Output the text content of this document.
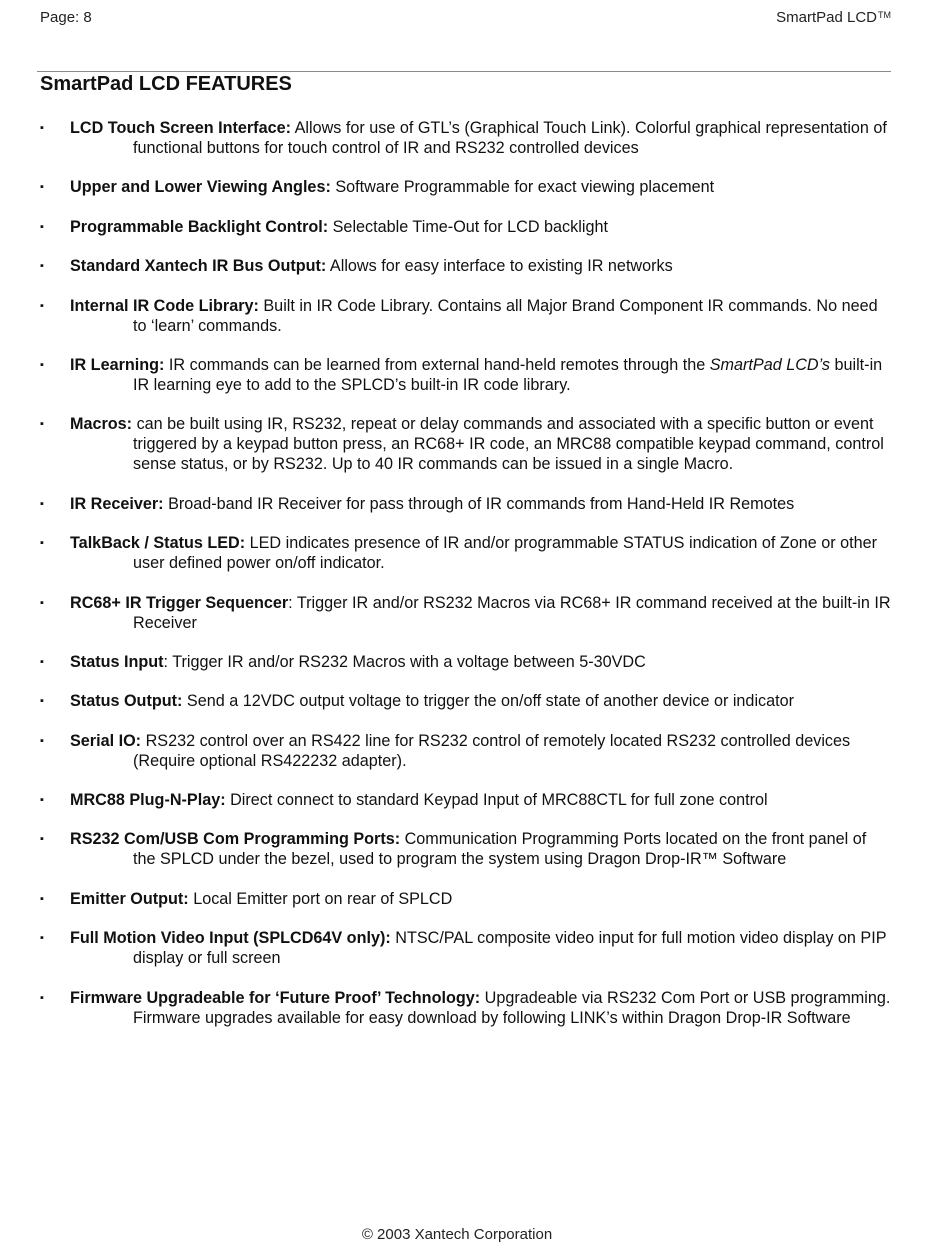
Page: 8	SmartPad LCD™
SmartPad LCD FEATURES
▪ LCD Touch Screen Interface: Allows for use of GTL’s (Graphical Touch Link). Colorful graphical representation of functional buttons for touch control of IR and RS232 controlled devices
▪ Upper and Lower Viewing Angles: Software Programmable for exact viewing placement
▪ Programmable Backlight Control: Selectable Time-Out for LCD backlight
▪ Standard Xantech IR Bus Output: Allows for easy interface to existing IR networks
▪ Internal IR Code Library: Built in IR Code Library. Contains all Major Brand Component IR commands. No need to ‘learn’ commands.
▪ IR Learning: IR commands can be learned from external hand-held remotes through the SmartPad LCD’s built-in IR learning eye to add to the SPLCD’s built-in IR code library.
▪ Macros: can be built using IR, RS232, repeat or delay commands and associated with a specific button or event triggered by a keypad button press, an RC68+ IR code, an MRC88 compatible keypad command, control sense status, or by RS232. Up to 40 IR commands can be issued in a single Macro.
▪ IR Receiver: Broad-band IR Receiver for pass through of IR commands from Hand-Held IR Remotes
▪ TalkBack / Status LED: LED indicates presence of IR and/or programmable STATUS indication of Zone or other user defined power on/off indicator.
▪ RC68+ IR Trigger Sequencer: Trigger IR and/or RS232 Macros via RC68+ IR command received at the built-in IR Receiver
▪ Status Input: Trigger IR and/or RS232 Macros with a voltage between 5-30VDC
▪ Status Output: Send a 12VDC output voltage to trigger the on/off state of another device or indicator
▪ Serial IO: RS232 control over an RS422 line for RS232 control of remotely located RS232 controlled devices (Require optional RS422232 adapter).
▪ MRC88 Plug-N-Play: Direct connect to standard Keypad Input of MRC88CTL for full zone control
▪ RS232 Com/USB Com Programming Ports: Communication Programming Ports located on the front panel of the SPLCD under the bezel, used to program the system using Dragon Drop-IR™ Software
▪ Emitter Output: Local Emitter port on rear of SPLCD
▪ Full Motion Video Input (SPLCD64V only): NTSC/PAL composite video input for full motion video display on PIP display or full screen
▪ Firmware Upgradeable for ‘Future Proof’ Technology: Upgradeable via RS232 Com Port or USB programming. Firmware upgrades available for easy download by following LINK’s within Dragon Drop-IR Software
© 2003 Xantech Corporation
